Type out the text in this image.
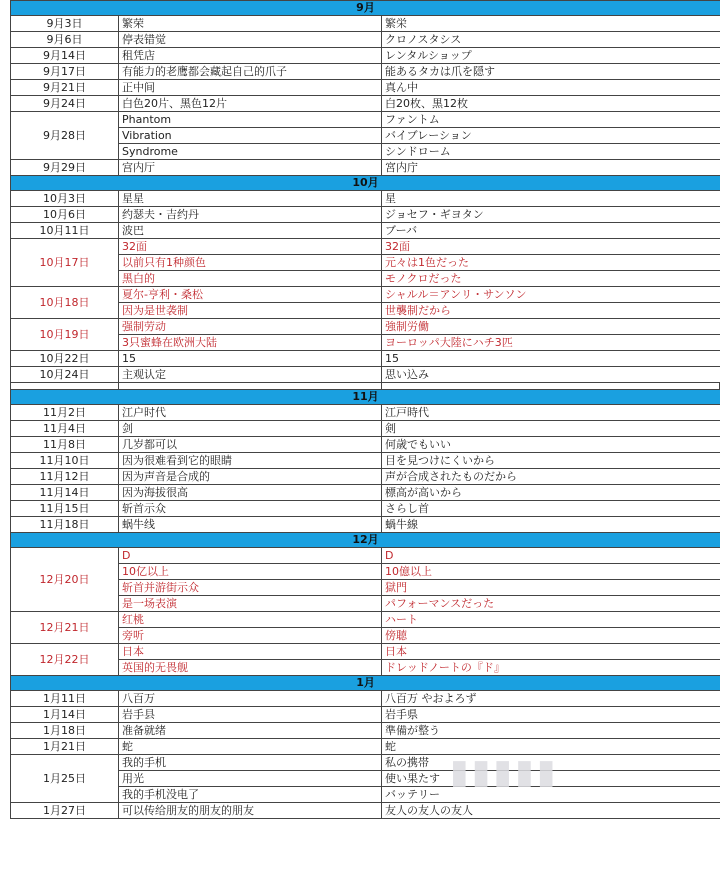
9月		
9月3日	繁荣	繁栄
9月6日	停表错觉	クロノスタシス
9月14日	租凭店	レンタルショップ
9月17日	有能力的老鹰都会藏起自己的爪子	能あるタカは爪を隠す
9月21日	正中间	真ん中
9月24日	白色20片、黑色12片	白20枚、黒12枚
9月28日	Phantom	ファントム
	Vibration	バイブレーション
	Syndrome	シンドローム
9月29日	宫内厅	宮内庁
10月		
10月3日	星星	星
10月6日	约瑟夫・吉约丹	ジョセフ・ギヨタン
10月11日	波巴	ブーバ
10月17日	32面	32面
	以前只有1种颜色	元々は1色だった
	黑白的	モノクロだった
10月18日	夏尔-亨利・桑松	シャルル＝アンリ・サンソン
	因为是世袭制	世襲制だから
10月19日	强制劳动	強制労働
	3只蜜蜂在欧洲大陆	ヨーロッパ大陸にハチ3匹
10月22日	15	15
10月24日	主观认定	思い込み
11月		
11月2日	江户时代	江戸時代
11月4日	剑	剣
11月8日	几岁都可以	何歳でもいい
11月10日	因为很难看到它的眼睛	目を見つけにくいから
11月12日	因为声音是合成的	声が合成されたものだから
11月14日	因为海拔很高	標高が高いから
11月15日	斩首示众	さらし首
11月18日	蜗牛线	蝸牛線
12月		
12月20日	D	D
	10亿以上	10億以上
	斩首并游街示众	獄門
	是一场表演	パフォーマンスだった
12月21日	红桃	ハート
	旁听	傍聴
12月22日	日本	日本
	英国的无畏舰	ドレッドノートの『ド』
1月		
1月11日	八百万	八百万 やおよろず
1月14日	岩手县	岩手県
1月18日	准备就绪	準備が整う
1月21日	蛇	蛇
1月25日	我的手机	私の携帯
	用光	使い果たす
	我的手机没电了	バッテリー
1月27日	可以传给朋友的朋友的朋友	友人の友人の友人
▮▮▮▮▮
